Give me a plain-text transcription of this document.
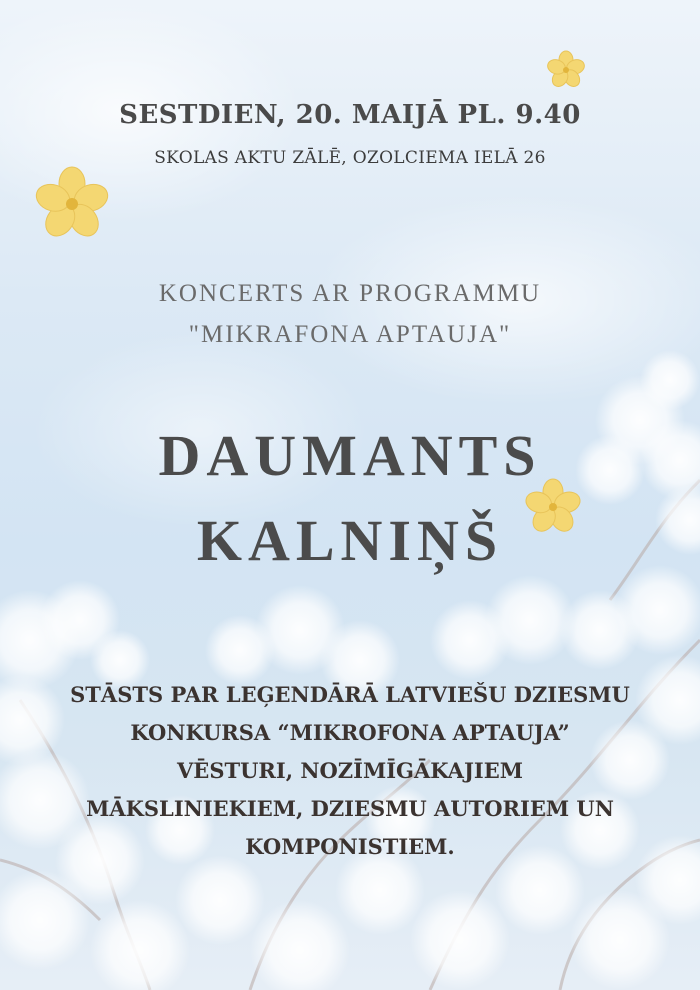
SESTDIEN, 20. MAIJĀ PL. 9.40

SKOLAS AKTU ZĀLĒ, OZOLCIEMA IELĀ 26

KONCERTS AR PROGRAMMU

"MIKRAFONA APTAUJA"

DAUMANTS

KALNIŅŠ

STĀSTS PAR LEĢENDĀRĀ LATVIEŠU DZIESMU KONKURSA “MIKROFONA APTAUJA” VĒSTURI, NOZĪMĪGĀKAJIEM MĀKSLINIEKIEM, DZIESMU AUTORIEM UN KOMPONISTIEM.
